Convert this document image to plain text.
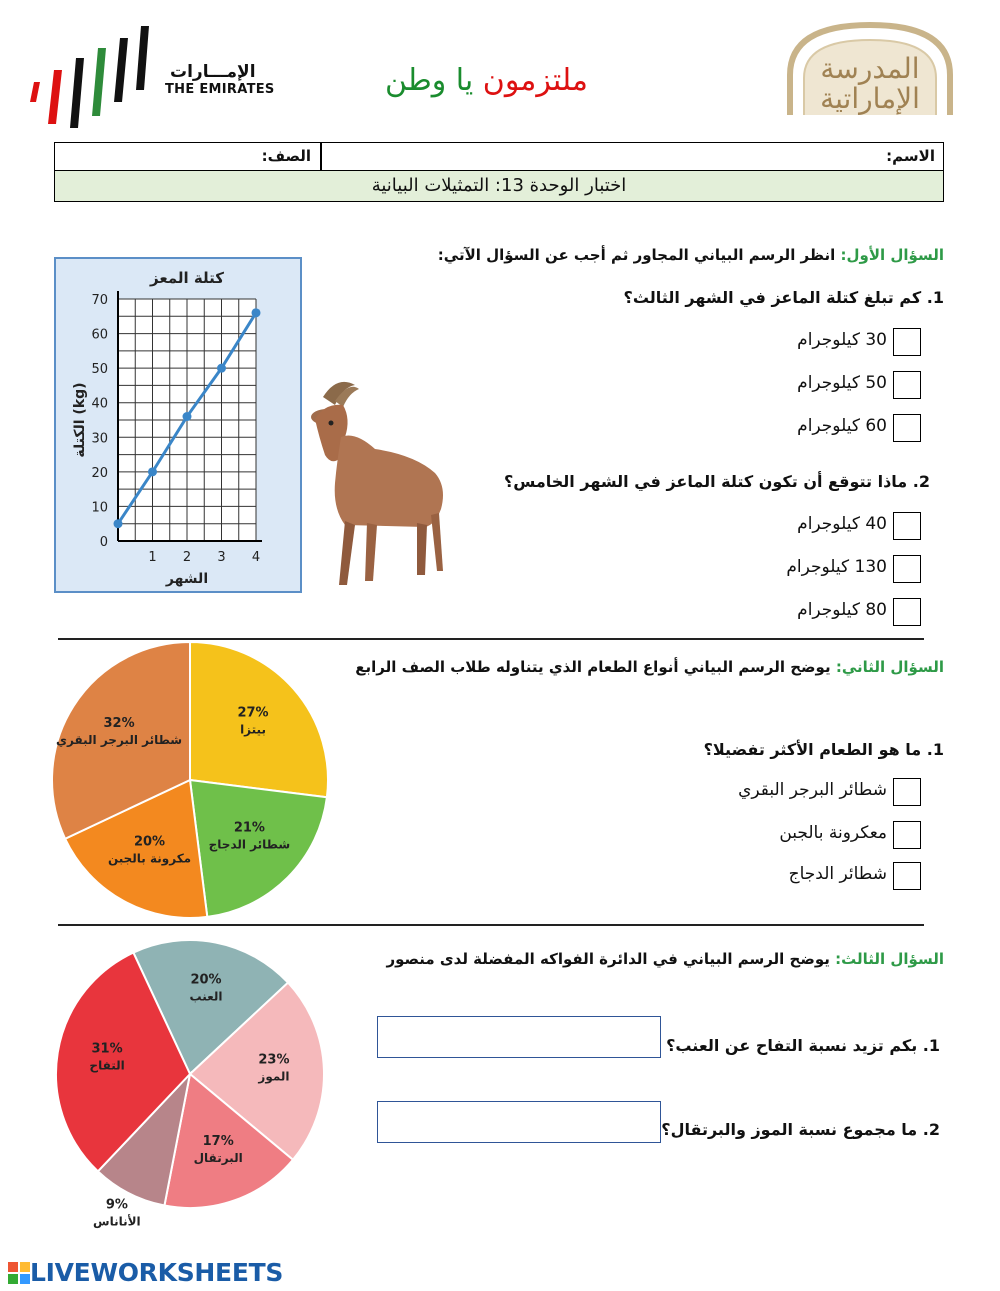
الإمـــارات
THE EMIRATES	ملتزمون يا وطن	المدرسة
الإماراتية
الاسم:
الصف:
اختبار الوحدة 13: التمثيلات البيانية
كتلة المعز
0
10
20
30
40
50
60
70
1 2 3 4
الشهر
الكتلة (kg)
السؤال الأول: انظر الرسم البياني المجاور ثم أجب عن السؤال الآتي:
1. كم تبلغ كتلة الماعز في الشهر الثالث؟
30 كيلوجرام
50 كيلوجرام
60 كيلوجرام
2. ماذا تتوقع أن تكون كتلة الماعز في الشهر الخامس؟
40 كيلوجرام
130 كيلوجرام
80 كيلوجرام
27%
بيتزا
21%
شطائر الدجاج
20%
مكرونة بالجبن
32%
شطائر البرجر البقري
السؤال الثاني: يوضح الرسم البياني أنواع الطعام الذي يتناوله طلاب الصف الرابع
1. ما هو الطعام الأكثر تفضيلا؟
شطائر البرجر البقري
معكرونة بالجبن
شطائر الدجاج
20%
العنب
23%
الموز
17%
البرتقال
9%
الأناناس
31%
التفاح
السؤال الثالث: يوضح الرسم البياني في الدائرة الفواكه المفضلة لدى منصور
1. بكم تزيد نسبة التفاح عن العنب؟
2. ما مجموع نسبة الموز والبرتقال؟
LIVEWORKSHEETS
